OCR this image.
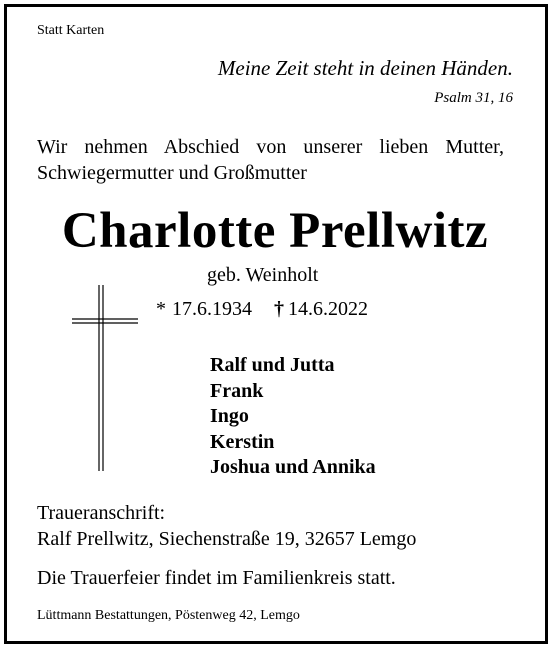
Statt Karten
Meine Zeit steht in deinen Händen.
Psalm 31, 16
Wir nehmen Abschied von unserer lieben Mutter,
Schwiegermutter und Großmutter
Charlotte Prellwitz
geb. Weinholt
* 17.6.1934 † 14.6.2022
Ralf und Jutta
Frank
Ingo
Kerstin
Joshua und Annika
Traueranschrift:
Ralf Prellwitz, Siechenstraße 19, 32657 Lemgo
Die Trauerfeier findet im Familienkreis statt.
Lüttmann Bestattungen, Pöstenweg 42, Lemgo
